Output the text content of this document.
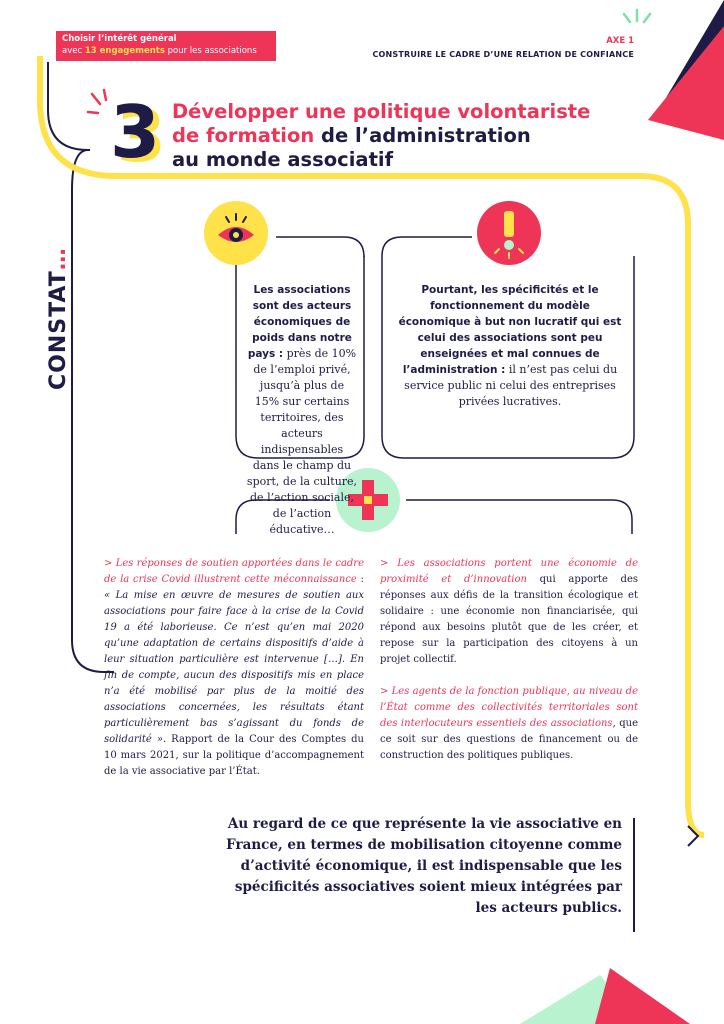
Choisir l’intérêt général
avec 13 engagements pour les associations
AXE 1
CONSTRUIRE LE CADRE D’UNE RELATION DE CONFIANCE
3 Développer une politique volontariste
de formation de l’administration
au monde associatif
CONSTAT…
Les associations sont des acteurs économiques de poids dans notre pays : près de 10% de l’emploi privé, jusqu’à plus de 15% sur certains territoires, des acteurs indispensables dans le champ du sport, de la culture, de l’action sociale, de l’action éducative…
Pourtant, les spécificités et le fonctionnement du modèle économique à but non lucratif qui est celui des associations sont peu enseignées et mal connues de l’administration : il n’est pas celui du service public ni celui des entreprises privées lucratives.
> Les réponses de soutien apportées dans le cadre de la crise Covid illustrent cette méconnaissance : « La mise en œuvre de mesures de soutien aux associations pour faire face à la crise de la Covid 19 a été laborieuse. Ce n’est qu’en mai 2020 qu’une adaptation de certains dispositifs d’aide à leur situation particulière est intervenue […]. En fin de compte, aucun des dispositifs mis en place n’a été mobilisé par plus de la moitié des associations concernées, les résultats étant particulièrement bas s’agissant du fonds de solidarité ». Rapport de la Cour des Comptes du 10 mars 2021, sur la politique d’accompagnement de la vie associative par l’État.
> Les associations portent une économie de proximité et d’innovation qui apporte des réponses aux défis de la transition écologique et solidaire : une économie non financiarisée, qui répond aux besoins plutôt que de les créer, et repose sur la participation des citoyens à un projet collectif.
> Les agents de la fonction publique, au niveau de l’État comme des collectivités territoriales sont des interlocuteurs essentiels des associations, que ce soit sur des questions de financement ou de construction des politiques publiques.
Au regard de ce que représente la vie associative en France, en termes de mobilisation citoyenne comme d’activité économique, il est indispensable que les spécificités associatives soient mieux intégrées par les acteurs publics.
